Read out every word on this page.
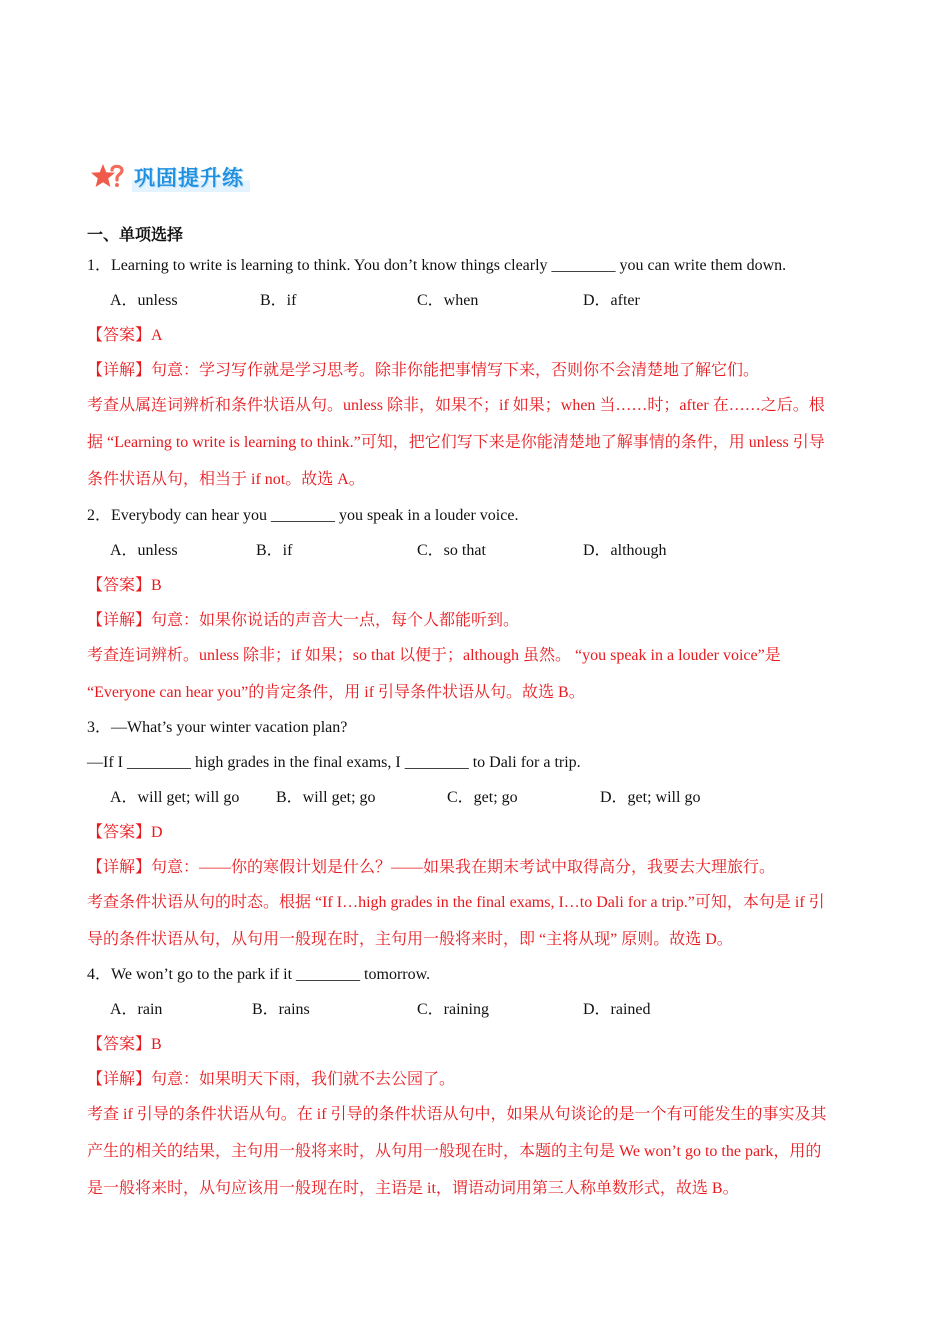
巩固提升练
一、单项选择
1．Learning to write is learning to think. You don’t know things clearly ________ you can write them down.
A．unless	B．if	C．when	D．after
【答案】A
【详解】句意：学习写作就是学习思考。除非你能把事情写下来，否则你不会清楚地了解它们。
考查从属连词辨析和条件状语从句。unless 除非，如果不；if 如果；when 当……时；after 在……之后。根
据 “Learning to write is learning to think.”可知，把它们写下来是你能清楚地了解事情的条件，用 unless 引导
条件状语从句，相当于 if not。故选 A。
2．Everybody can hear you ________ you speak in a louder voice.
A．unless	B．if	C．so that	D．although
【答案】B
【详解】句意：如果你说话的声音大一点，每个人都能听到。
考查连词辨析。unless 除非；if 如果；so that 以便于；although 虽然。 “you speak in a louder voice”是
“Everyone can hear you”的肯定条件，用 if 引导条件状语从句。故选 B。
3．—What’s your winter vacation plan?
—If I ________ high grades in the final exams, I ________ to Dali for a trip.
A．will get; will go B．will get; go	C．get; go	D．get; will go
【答案】D
【详解】句意：——你的寒假计划是什么？——如果我在期末考试中取得高分，我要去大理旅行。
考查条件状语从句的时态。根据 “If I…high grades in the final exams, I…to Dali for a trip.”可知，本句是 if 引
导的条件状语从句，从句用一般现在时，主句用一般将来时，即 “主将从现” 原则。故选 D。
4．We won’t go to the park if it ________ tomorrow.
A．rain	B．rains	C．raining	D．rained
【答案】B
【详解】句意：如果明天下雨，我们就不去公园了。
考查 if 引导的条件状语从句。在 if 引导的条件状语从句中，如果从句谈论的是一个有可能发生的事实及其
产生的相关的结果，主句用一般将来时，从句用一般现在时，本题的主句是 We won’t go to the park，用的
是一般将来时，从句应该用一般现在时，主语是 it，谓语动词用第三人称单数形式，故选 B。
